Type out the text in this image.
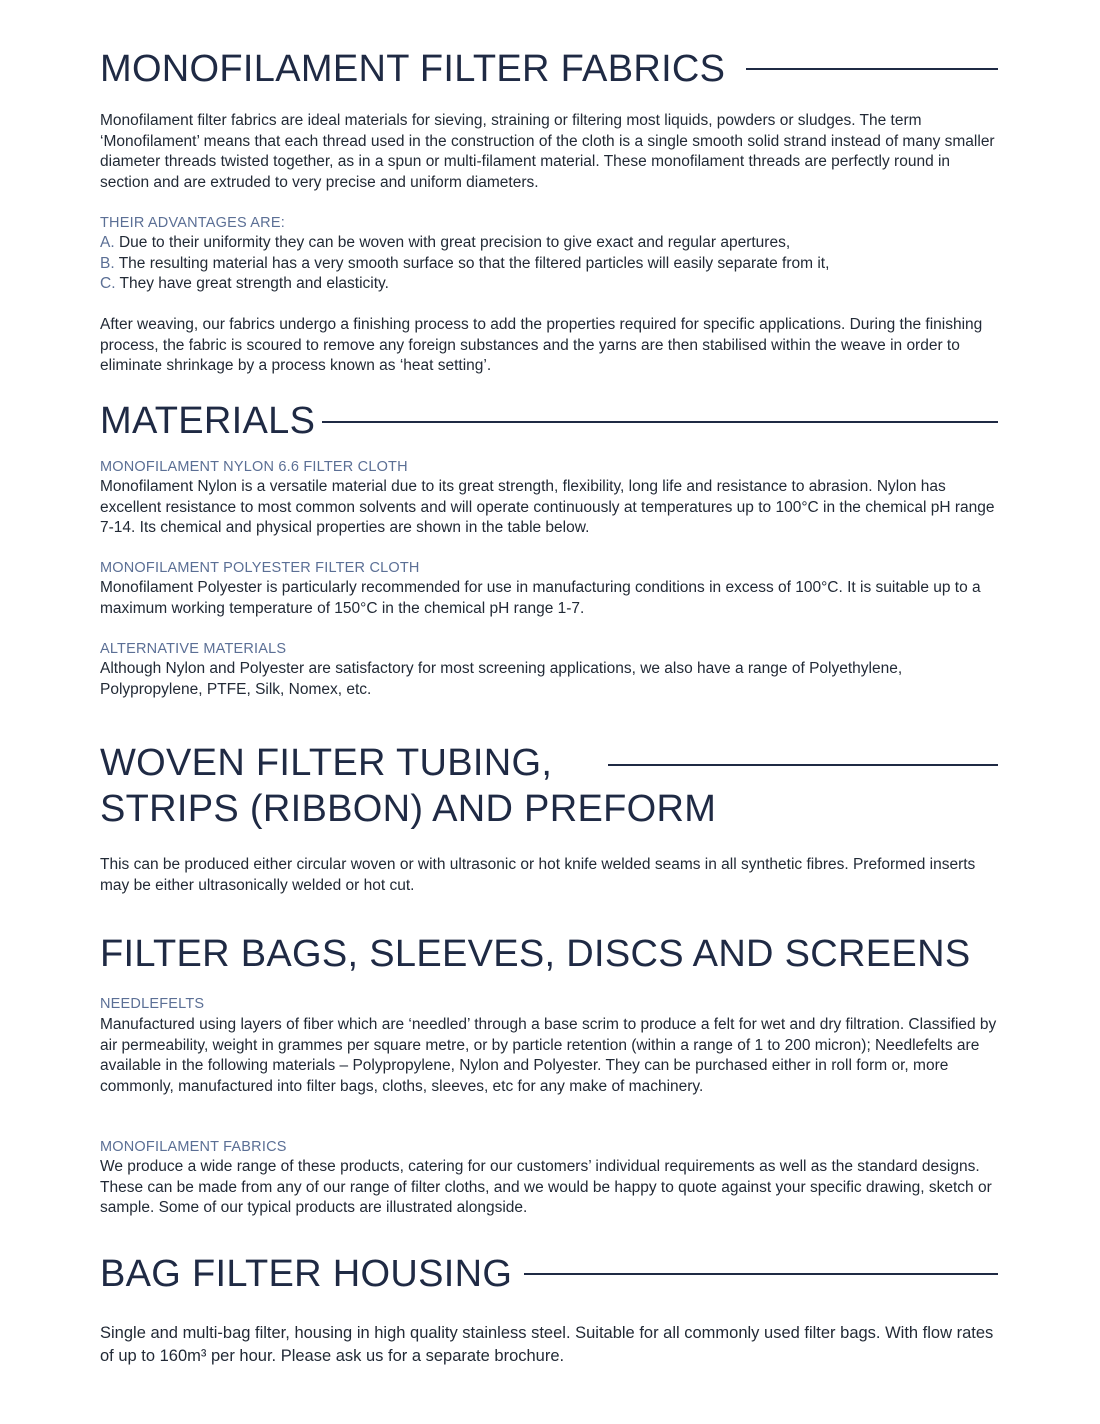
MONOFILAMENT FILTER FABRICS

Monofilament filter fabrics are ideal materials for sieving, straining or filtering most liquids, powders or sludges. The term ‘Monofilament’ means that each thread used in the construction of the cloth is a single smooth solid strand instead of many smaller diameter threads twisted together, as in a spun or multi-filament material. These monofilament threads are perfectly round in section and are extruded to very precise and uniform diameters.

THEIR ADVANTAGES ARE:

A. Due to their uniformity they can be woven with great precision to give exact and regular apertures,
B. The resulting material has a very smooth surface so that the filtered particles will easily separate from it,
C. They have great strength and elasticity.

After weaving, our fabrics undergo a finishing process to add the properties required for specific applications. During the finishing process, the fabric is scoured to remove any foreign substances and the yarns are then stabilised within the weave in order to eliminate shrinkage by a process known as ‘heat setting’.

MATERIALS

MONOFILAMENT NYLON 6.6 FILTER CLOTH

Monofilament Nylon is a versatile material due to its great strength, flexibility, long life and resistance to abrasion. Nylon has excellent resistance to most common solvents and will operate continuously at temperatures up to 100°C in the chemical pH range 7-14. Its chemical and physical properties are shown in the table below.

MONOFILAMENT POLYESTER FILTER CLOTH

Monofilament Polyester is particularly recommended for use in manufacturing conditions in excess of 100°C. It is suitable up to a maximum working temperature of 150°C in the chemical pH range 1-7.

ALTERNATIVE MATERIALS

Although Nylon and Polyester are satisfactory for most screening applications, we also have a range of Polyethylene, Polypropylene, PTFE, Silk, Nomex, etc.

WOVEN FILTER TUBING,
STRIPS (RIBBON) AND PREFORM

This can be produced either circular woven or with ultrasonic or hot knife welded seams in all synthetic fibres. Preformed inserts may be either ultrasonically welded or hot cut.

FILTER BAGS, SLEEVES, DISCS AND SCREENS

NEEDLEFELTS

Manufactured using layers of fiber which are ‘needled’ through a base scrim to produce a felt for wet and dry filtration. Classified by air permeability, weight in grammes per square metre, or by particle retention (within a range of 1 to 200 micron); Needlefelts are available in the following materials – Polypropylene, Nylon and Polyester. They can be purchased either in roll form or, more commonly, manufactured into filter bags, cloths, sleeves, etc for any make of machinery.

MONOFILAMENT FABRICS

We produce a wide range of these products, catering for our customers’ individual requirements as well as the standard designs. These can be made from any of our range of filter cloths, and we would be happy to quote against your specific drawing, sketch or sample. Some of our typical products are illustrated alongside.

BAG FILTER HOUSING

Single and multi-bag filter, housing in high quality stainless steel. Suitable for all commonly used filter bags. With flow rates of up to 160m³ per hour. Please ask us for a separate brochure.
